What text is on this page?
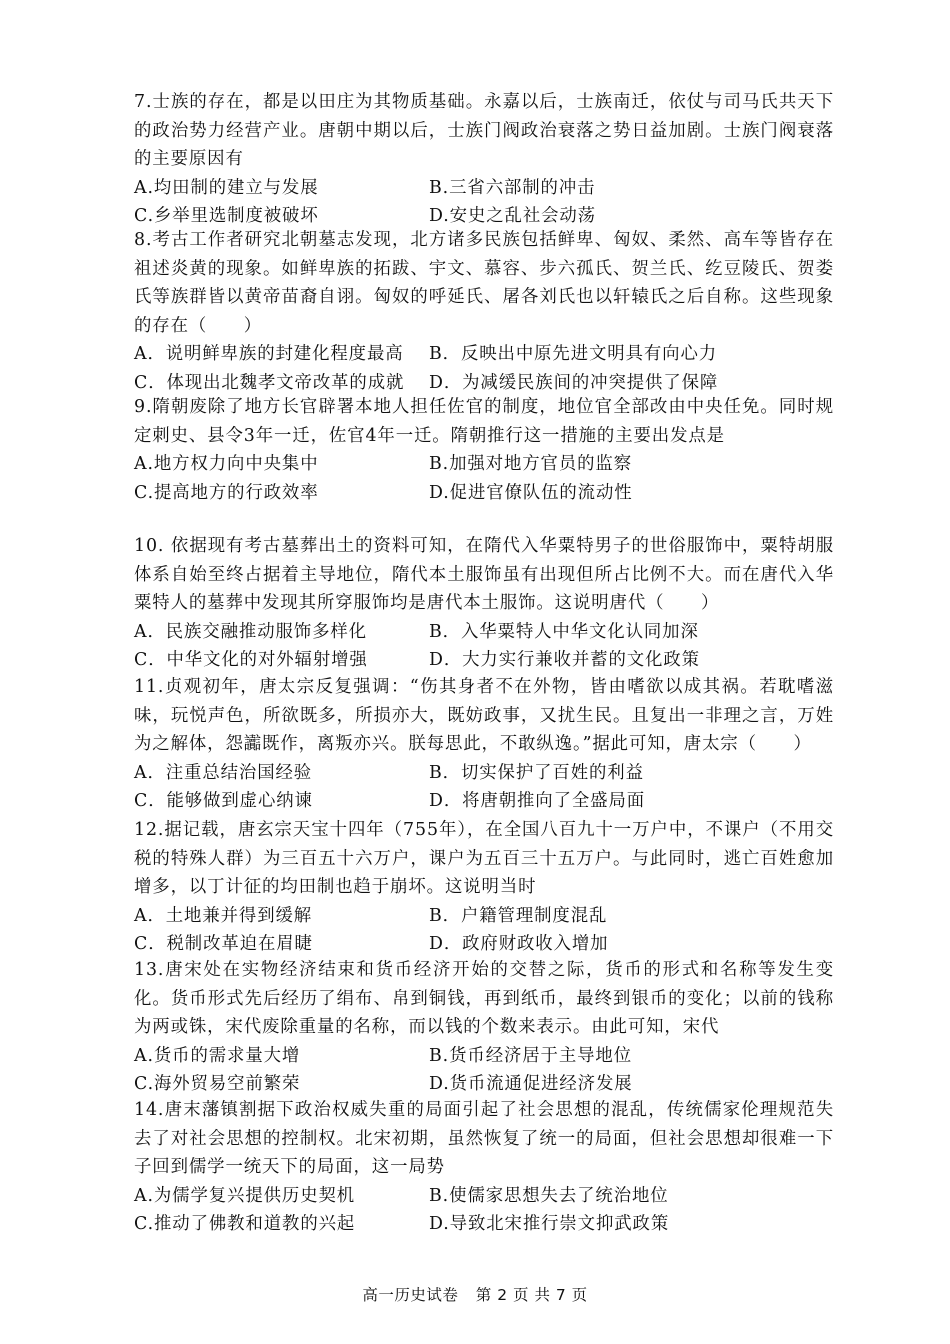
7.士族的存在，都是以田庄为其物质基础。永嘉以后，士族南迁，依仗与司马氏共天下的政治势力经营产业。唐朝中期以后，士族门阀政治衰落之势日益加剧。士族门阀衰落的主要原因有

A.均田制的建立与发展	B.三省六部制的冲击
C.乡举里选制度被破坏	D.安史之乱社会动荡

8.考古工作者研究北朝墓志发现，北方诸多民族包括鲜卑、匈奴、柔然、高车等皆存在祖述炎黄的现象。如鲜卑族的拓跋、宇文、慕容、步六孤氏、贺兰氏、纥豆陵氏、贺娄氏等族群皆以黄帝苗裔自诩。匈奴的呼延氏、屠各刘氏也以轩辕氏之后自称。这些现象的存在（　　）

A．说明鲜卑族的封建化程度最高	B．反映出中原先进文明具有向心力
C．体现出北魏孝文帝改革的成就	D．为减缓民族间的冲突提供了保障

9.隋朝废除了地方长官辟署本地人担任佐官的制度，地位官全部改由中央任免。同时规定刺史、县令3年一迁，佐官4年一迁。隋朝推行这一措施的主要出发点是

A.地方权力向中央集中	B.加强对地方官员的监察
C.提高地方的行政效率	D.促进官僚队伍的流动性

10. 依据现有考古墓葬出土的资料可知，在隋代入华粟特男子的世俗服饰中，粟特胡服体系自始至终占据着主导地位，隋代本土服饰虽有出现但所占比例不大。而在唐代入华粟特人的墓葬中发现其所穿服饰均是唐代本土服饰。这说明唐代（　　）

A．民族交融推动服饰多样化	B．入华粟特人中华文化认同加深
C．中华文化的对外辐射增强	D．大力实行兼收并蓄的文化政策

11.贞观初年，唐太宗反复强调：“伤其身者不在外物，皆由嗜欲以成其祸。若耽嗜滋味，玩悦声色，所欲既多，所损亦大，既妨政事，又扰生民。且复出一非理之言，万姓为之解体，怨讟既作，离叛亦兴。朕每思此，不敢纵逸。”据此可知，唐太宗（　　）

A．注重总结治国经验	B．切实保护了百姓的利益
C．能够做到虚心纳谏	D．将唐朝推向了全盛局面

12.据记载，唐玄宗天宝十四年（755年），在全国八百九十一万户中，不课户（不用交税的特殊人群）为三百五十六万户，课户为五百三十五万户。与此同时，逃亡百姓愈加增多，以丁计征的均田制也趋于崩坏。这说明当时

A．土地兼并得到缓解	B．户籍管理制度混乱
C．税制改革迫在眉睫	D．政府财政收入增加

13.唐宋处在实物经济结束和货币经济开始的交替之际，货币的形式和名称等发生变化。货币形式先后经历了绢布、帛到铜钱，再到纸币，最终到银币的变化；以前的钱称为两或铢，宋代废除重量的名称，而以钱的个数来表示。由此可知，宋代

A.货币的需求量大增	B.货币经济居于主导地位
C.海外贸易空前繁荣	D.货币流通促进经济发展

14.唐末藩镇割据下政治权威失重的局面引起了社会思想的混乱，传统儒家伦理规范失去了对社会思想的控制权。北宋初期，虽然恢复了统一的局面，但社会思想却很难一下子回到儒学一统天下的局面，这一局势

A.为儒学复兴提供历史契机	B.使儒家思想失去了统治地位
C.推动了佛教和道教的兴起	D.导致北宋推行崇文抑武政策
高一历史试卷 第 2 页 共 7 页
